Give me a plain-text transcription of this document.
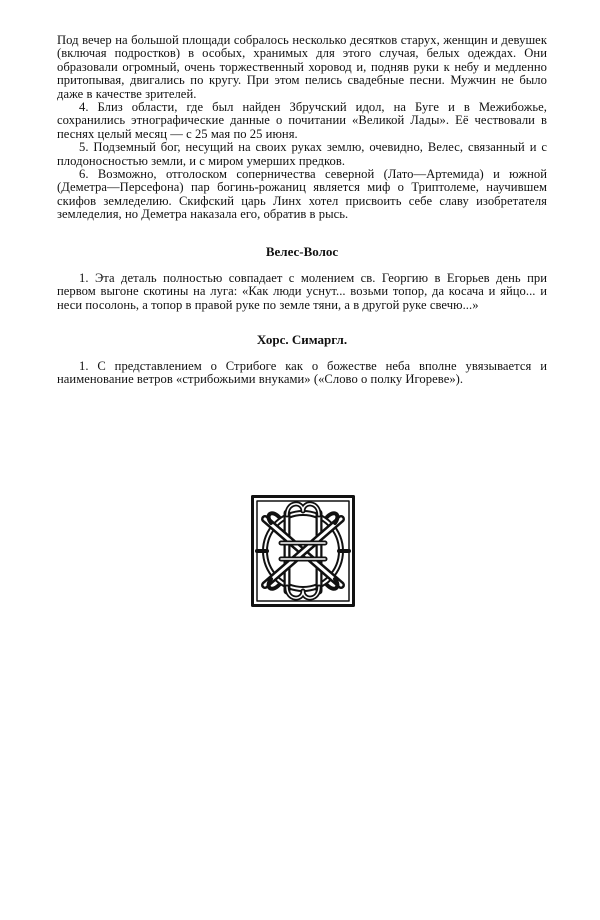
Под вечер на большой площади собралось несколько десятков старух, женщин и девушек (включая подростков) в особых, хранимых для этого случая, белых одеждах. Они образовали огромный, очень торжественный хоровод и, подняв руки к небу и медленно притопывая, двигались по кругу. При этом пелись свадебные песни. Мужчин не было даже в качестве зрителей.

4. Близ области, где был найден Збручский идол, на Буге и в Межибожье, сохранились этнографические данные о почитании «Великой Лады». Её чествовали в песнях целый месяц — с 25 мая по 25 июня.

5. Подземный бог, несущий на своих руках землю, очевидно, Велес, связанный и с плодоносностью земли, и с миром умерших предков.

6. Возможно, отголоском соперничества северной (Лато—Артемида) и южной (Деметра—Персефона) пар богинь-рожаниц является миф о Триптолеме, научившем скифов земледелию. Скифский царь Линх хотел присвоить себе славу изобретателя земледелия, но Деметра наказала его, обратив в рысь.

Велес-Волос

1. Эта деталь полностью совпадает с молением св. Георгию в Егорьев день при первом выгоне скотины на луга: «Как люди уснут... возьми топор, да косача и яйцо... и неси посолонь, а топор в правой руке по земле тяни, а в другой руке свечю...»

Хорс. Симаргл.

1. С представлением о Стрибоге как о божестве неба вполне увязывается и наименование ветров «стрибожьими внуками» («Слово о полку Игореве»).
